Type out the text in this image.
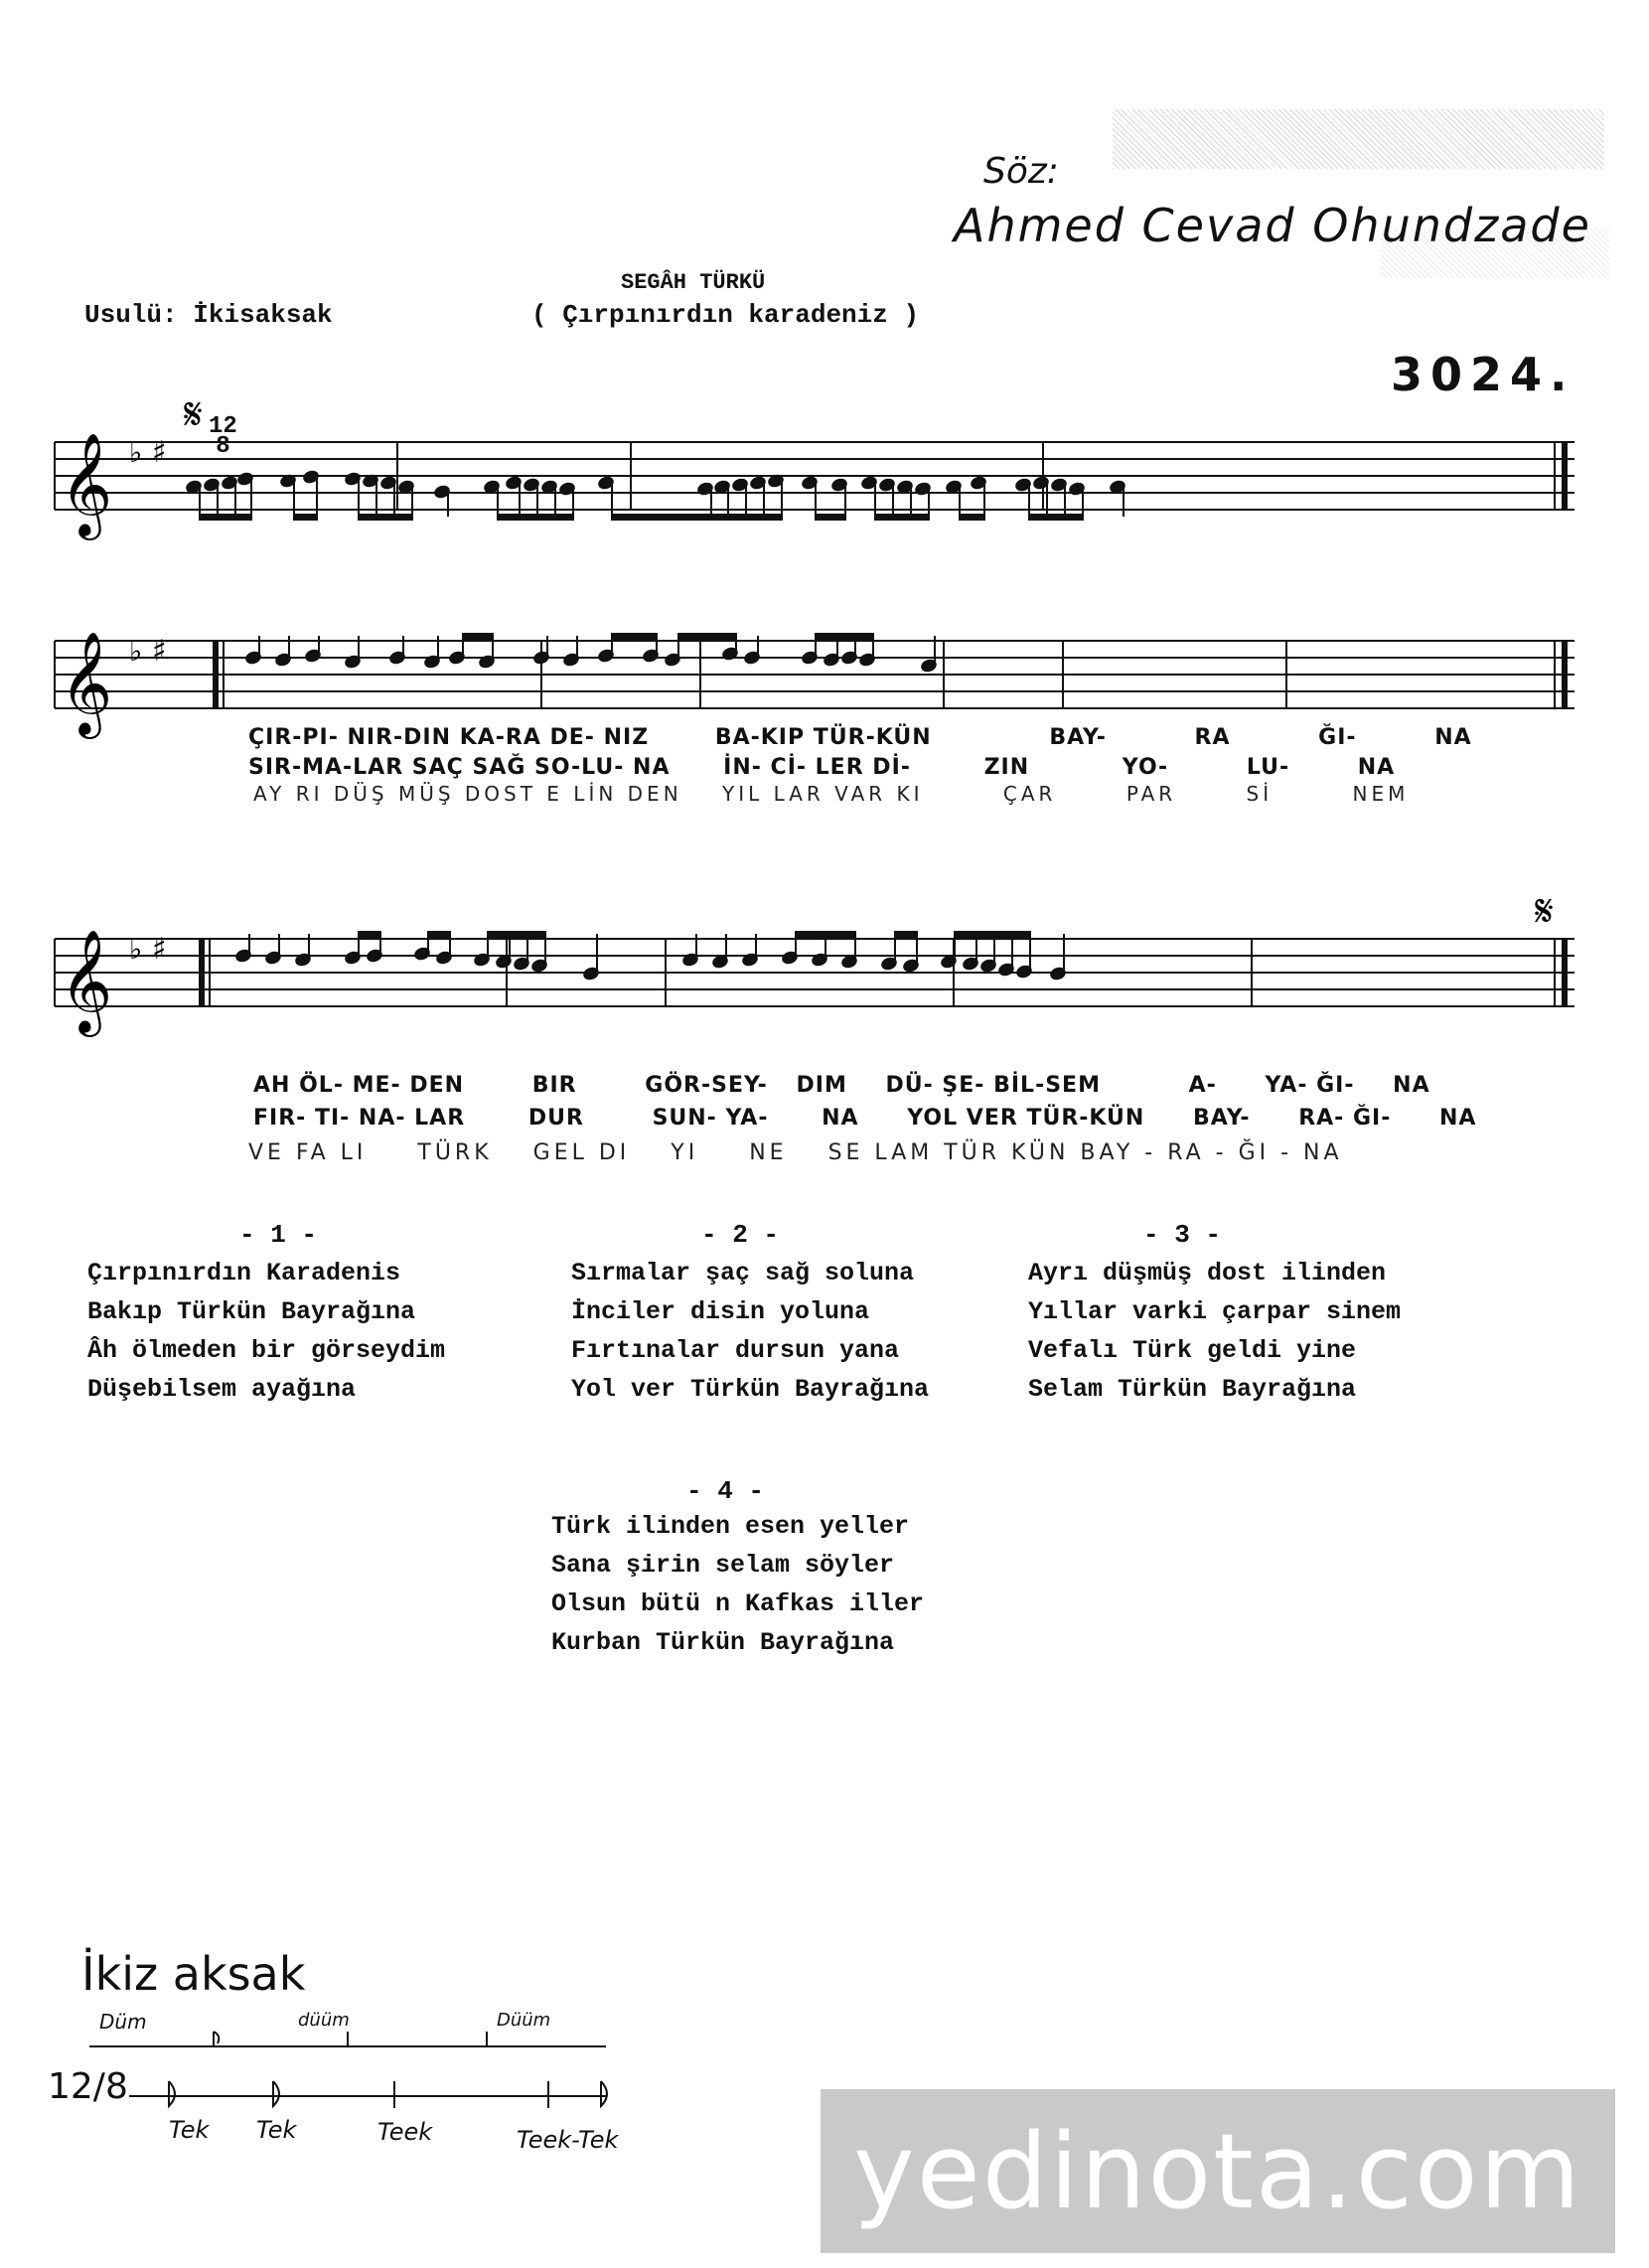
Söz:
Ahmed Cevad Ohundzade
SEGÂH TÜRKÜ
Usulü: İkisaksak	( Çırpınırdın karadeniz )
3024.
𝄞 ♭ ♯
𝄋 12
8
𝄞 ♭ ♯
ÇIR-PI- NIR-DIN KA-RA DE- NIZ	BA-KIP TÜR-KÜN	BAY-	RA	ĞI-	NA
SIR-MA-LAR SAÇ SAĞ SO-LU- NA İN- Cİ- LER Dİ-	ZIN	YO-	LU-	NA
AY RI DÜŞ MÜŞ DOST E LİN DEN YIL LAR VAR KI	ÇAR	PAR	Sİ	NEM
𝄞 ♭ ♯
𝄋
AH ÖL- ME- DEN	BIR	GÖR-SEY- DIM DÜ- ŞE- BİL-SEM	A- YA- ĞI- NA
FIR- TI- NA- LAR	DUR	SUN- YA- NA YOL VER TÜR-KÜN BAY- RA- ĞI- NA
VE FA LI TÜRK GEL DI YI NE SE LAM TÜR KÜN BAY - RA - ĞI - NA
- 1 -
Çırpınırdın Karadenis
Bakıp Türkün Bayrağına
Âh ölmeden bir görseydim
Düşebilsem ayağına
- 2 -
Sırmalar şaç sağ soluna
İnciler disin yoluna
Fırtınalar dursun yana
Yol ver Türkün Bayrağına
- 3 -
Ayrı düşmüş dost ilinden
Yıllar varki çarpar sinem
Vefalı Türk geldi yine
Selam Türkün Bayrağına
- 4 -
Türk ilinden esen yeller
Sana şirin selam söyler
Olsun bütü n Kafkas iller
Kurban Türkün Bayrağına
İkiz aksak
Düm	düüm	Düüm
12/8
Tek Tek	Teek	Teek-Tek	yedinota.com
